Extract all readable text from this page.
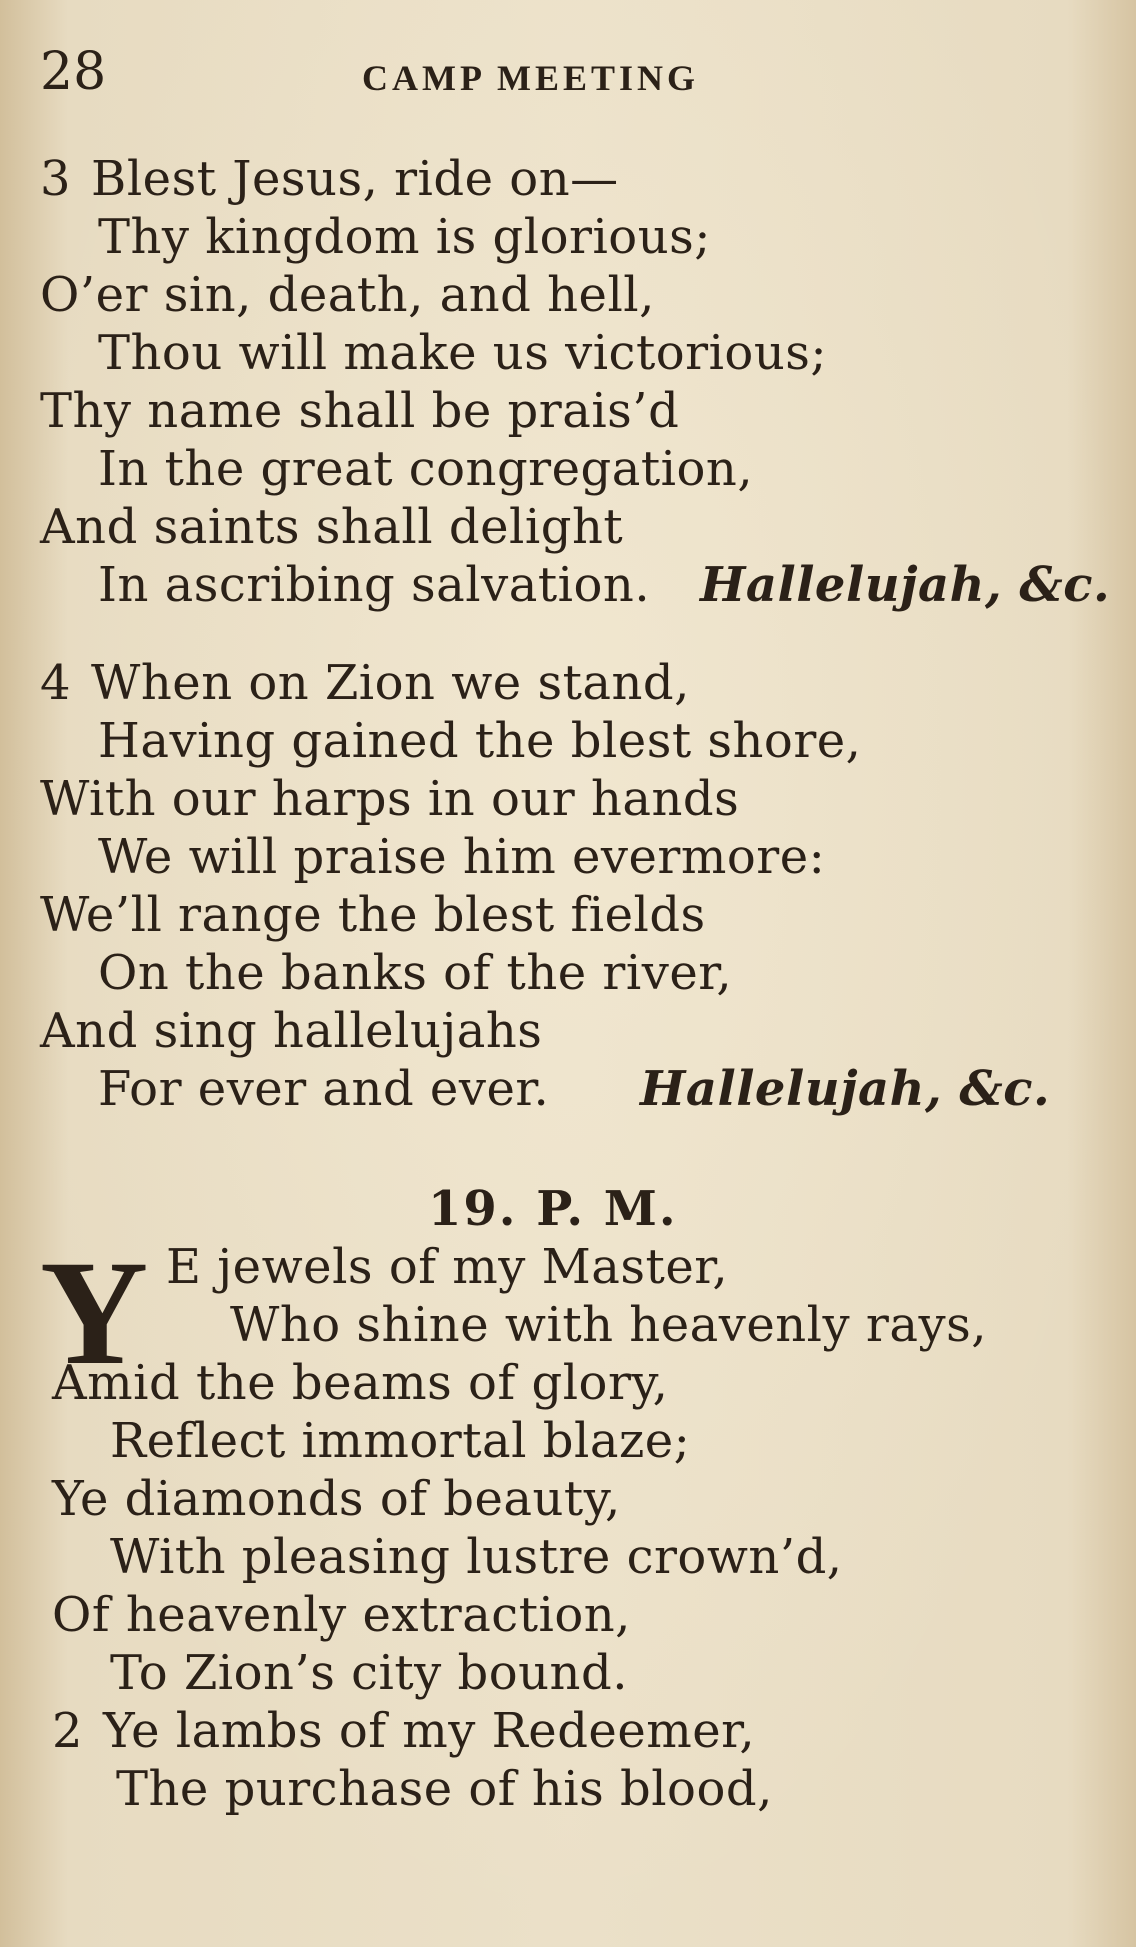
28	CAMP MEETING
3 Blest Jesus, ride on—
Thy kingdom is glorious;
O’er sin, death, and hell,
Thou will make us victorious;
Thy name shall be prais’d
In the great congregation,
And saints shall delight
In ascribing salvation. Hallelujah, &c.
4 When on Zion we stand,
Having gained the blest shore,
With our harps in our hands
We will praise him evermore:
We’ll range the blest fields
On the banks of the river,
And sing hallelujahs
For ever and ever. Hallelujah, &c.
19. P. M.
Y E jewels of my Master,
Who shine with heavenly rays,
Amid the beams of glory,
Reflect immortal blaze;
Ye diamonds of beauty,
With pleasing lustre crown’d,
Of heavenly extraction,
To Zion’s city bound.
2 Ye lambs of my Redeemer,
The purchase of his blood,
